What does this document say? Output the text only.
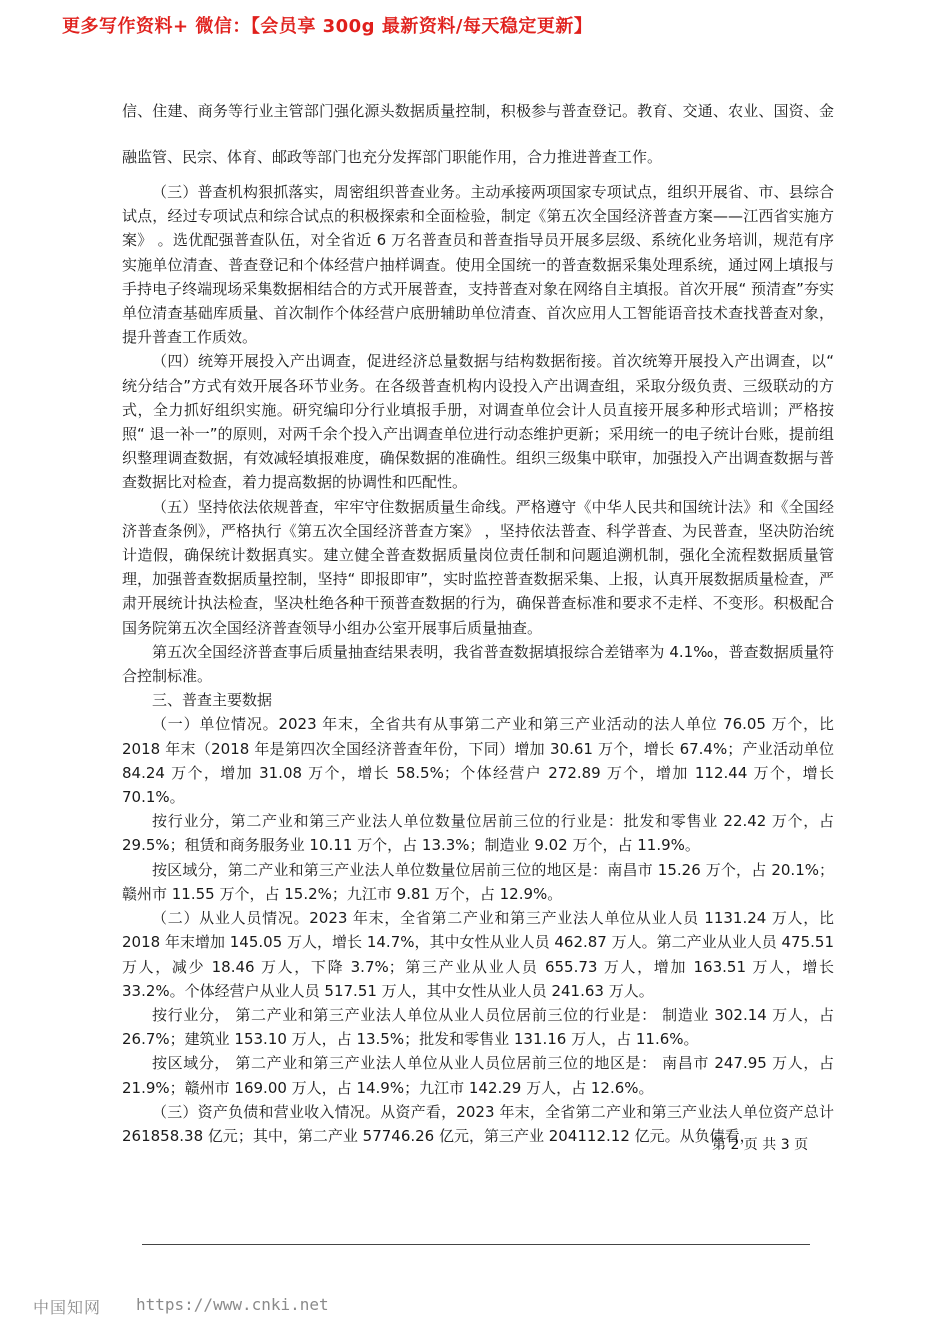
更多写作资料+ 微信：【会员享 300g 最新资料/每天稳定更新】

信、住建、商务等行业主管部门强化源头数据质量控制，积极参与普查登记。教育、交通、农业、国资、金融监管、民宗、体育、邮政等部门也充分发挥部门职能作用，合力推进普查工作。

（三）普查机构狠抓落实，周密组织普查业务。主动承接两项国家专项试点，组织开展省、市、县综合试点，经过专项试点和综合试点的积极探索和全面检验，制定《第五次全国经济普查方案——江西省实施方案》 。选优配强普查队伍，对全省近 6 万名普查员和普查指导员开展多层级、系统化业务培训，规范有序实施单位清查、普查登记和个体经营户抽样调查。使用全国统一的普查数据采集处理系统，通过网上填报与手持电子终端现场采集数据相结合的方式开展普查，支持普查对象在网络自主填报。首次开展“ 预清查”夯实单位清查基础库质量、首次制作个体经营户底册辅助单位清查、首次应用人工智能语音技术查找普查对象，提升普查工作质效。

（四）统筹开展投入产出调查，促进经济总量数据与结构数据衔接。首次统筹开展投入产出调查，以“ 统分结合”方式有效开展各环节业务。在各级普查机构内设投入产出调查组，采取分级负责、三级联动的方式，全力抓好组织实施。研究编印分行业填报手册，对调查单位会计人员直接开展多种形式培训；严格按照“ 退一补一”的原则，对两千余个投入产出调查单位进行动态维护更新；采用统一的电子统计台账，提前组织整理调查数据，有效减轻填报难度，确保数据的准确性。组织三级集中联审，加强投入产出调查数据与普查数据比对检查，着力提高数据的协调性和匹配性。

（五）坚持依法依规普查，牢牢守住数据质量生命线。严格遵守《中华人民共和国统计法》和《全国经济普查条例》，严格执行《第五次全国经济普查方案》 ，坚持依法普查、科学普查、为民普查，坚决防治统计造假，确保统计数据真实。建立健全普查数据质量岗位责任制和问题追溯机制，强化全流程数据质量管理，加强普查数据质量控制，坚持“ 即报即审”，实时监控普查数据采集、上报，认真开展数据质量检查，严肃开展统计执法检查，坚决杜绝各种干预普查数据的行为，确保普查标准和要求不走样、不变形。积极配合国务院第五次全国经济普查领导小组办公室开展事后质量抽查。

第五次全国经济普查事后质量抽查结果表明，我省普查数据填报综合差错率为 4.1‰，普查数据质量符合控制标准。

三、普查主要数据

（一）单位情况。2023 年末，全省共有从事第二产业和第三产业活动的法人单位 76.05 万个，比 2018 年末（2018 年是第四次全国经济普查年份，下同）增加 30.61 万个，增长 67.4%；产业活动单位 84.24 万个，增加 31.08 万个，增长 58.5%；个体经营户 272.89 万个，增加 112.44 万个，增长 70.1%。

按行业分，第二产业和第三产业法人单位数量位居前三位的行业是：批发和零售业 22.42 万个，占 29.5%；租赁和商务服务业 10.11 万个，占 13.3%；制造业 9.02 万个，占 11.9%。

按区域分，第二产业和第三产业法人单位数量位居前三位的地区是：南昌市 15.26 万个，占 20.1%；赣州市 11.55 万个，占 15.2%；九江市 9.81 万个，占 12.9%。

（二）从业人员情况。2023 年末，全省第二产业和第三产业法人单位从业人员 1131.24 万人，比 2018 年末增加 145.05 万人，增长 14.7%，其中女性从业人员 462.87 万人。第二产业从业人员 475.51 万人，减少 18.46 万人，下降 3.7%；第三产业从业人员 655.73 万人，增加 163.51 万人，增长 33.2%。个体经营户从业人员 517.51 万人，其中女性从业人员 241.63 万人。

按行业分， 第二产业和第三产业法人单位从业人员位居前三位的行业是： 制造业 302.14 万人，占 26.7%；建筑业 153.10 万人，占 13.5%；批发和零售业 131.16 万人，占 11.6%。

按区域分， 第二产业和第三产业法人单位从业人员位居前三位的地区是： 南昌市 247.95 万人，占 21.9%；赣州市 169.00 万人，占 14.9%；九江市 142.29 万人，占 12.6%。

（三）资产负债和营业收入情况。从资产看，2023 年末，全省第二产业和第三产业法人单位资产总计 261858.38 亿元；其中，第二产业 57746.26 亿元，第三产业 204112.12 亿元。从负债看，

第 2 页 共 3 页
中国知网 https://www.cnki.net
